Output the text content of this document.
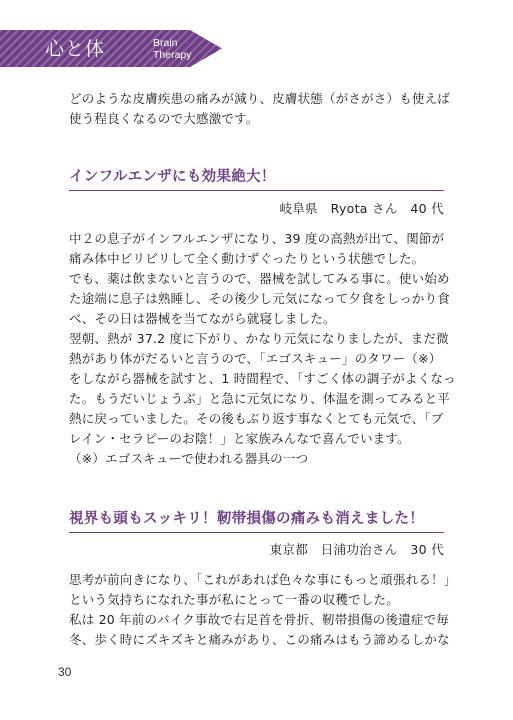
心と体	Brain
Therapy

どのような皮膚疾患の痛みが減り、皮膚状態（がさがさ）も使えば

使う程良くなるので大感激です。

インフルエンザにも効果絶大！
岐阜県　Ryota さん　40 代

中２の息子がインフルエンザになり、39 度の高熱が出て、関節が

痛み体中ビリビリして全く動けずぐったりという状態でした。

でも、薬は飲まないと言うので、器械を試してみる事に。使い始め

た途端に息子は熟睡し、その後少し元気になって夕食をしっかり食

べ、その日は器械を当てながら就寝しました。

翌朝、熱が 37.2 度に下がり、かなり元気になりましたが、まだ微

熱があり体がだるいと言うので、「エゴスキュー」のタワー（※）

をしながら器械を試すと、1 時間程で、「すごく体の調子がよくなっ

た。もうだいじょうぶ」と急に元気になり、体温を測ってみると平

熱に戻っていました。その後もぶり返す事なくとても元気で、「ブ

レイン・セラピーのお陰！」と家族みんなで喜んでいます。

（※）エゴスキューで使われる器具の一つ

視界も頭もスッキリ！靭帯損傷の痛みも消えました！
東京都　日浦功治さん　30 代

思考が前向きになり、「これがあれば色々な事にもっと頑張れる！」

という気持ちになれた事が私にとって一番の収穫でした。

私は 20 年前のバイク事故で右足首を骨折、靭帯損傷の後遺症で毎

冬、歩く時にズキズキと痛みがあり、この痛みはもう諦めるしかな

30
